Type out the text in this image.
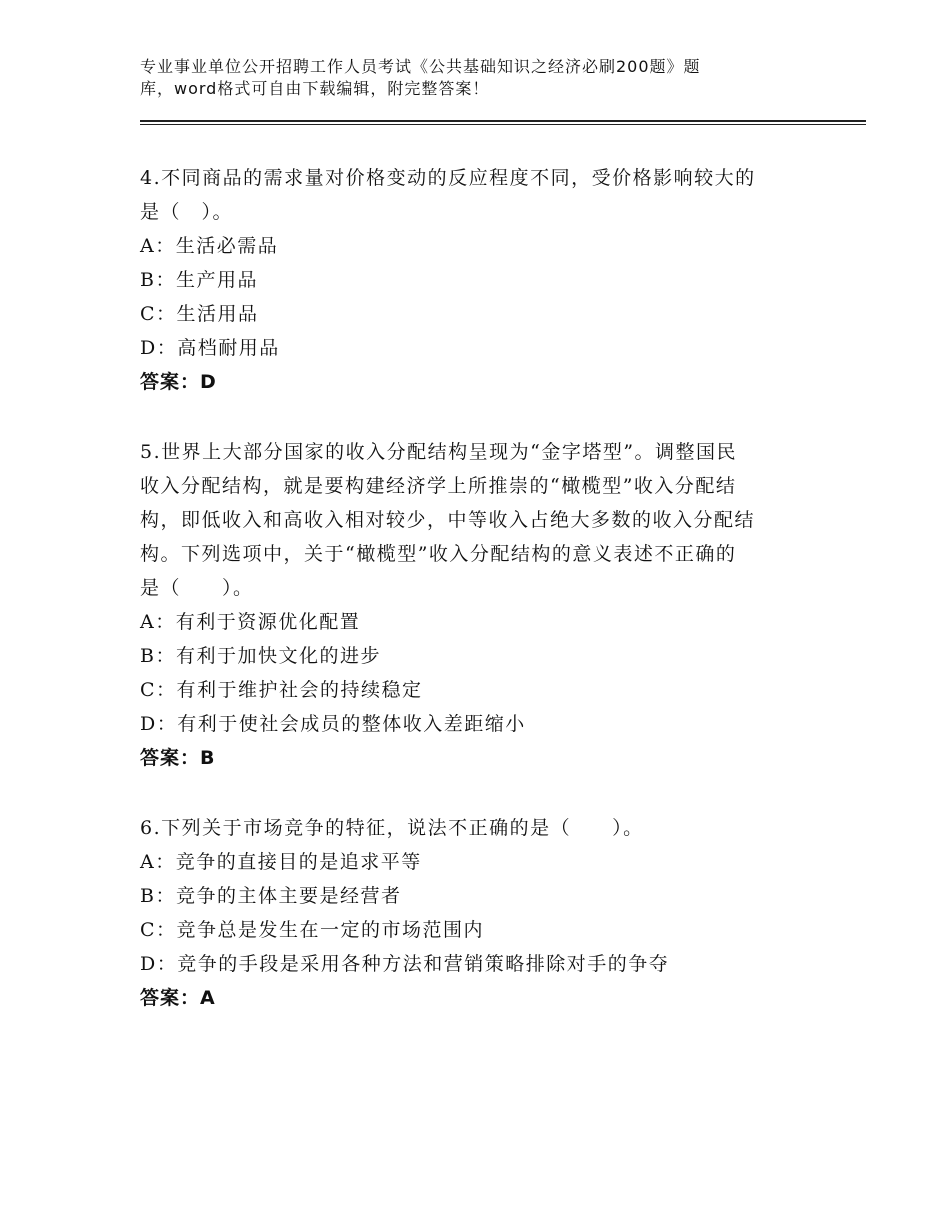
专业事业单位公开招聘工作人员考试《公共基础知识之经济必刷200题》题
库，word格式可自由下载编辑，附完整答案！
4.不同商品的需求量对价格变动的反应程度不同，受价格影响较大的
是（　）。
A：生活必需品
B：生产用品
C：生活用品
D：高档耐用品
答案：D
5.世界上大部分国家的收入分配结构呈现为“金字塔型”。调整国民
收入分配结构，就是要构建经济学上所推崇的“橄榄型”收入分配结
构，即低收入和高收入相对较少，中等收入占绝大多数的收入分配结
构。下列选项中，关于“橄榄型”收入分配结构的意义表述不正确的
是（　　）。
A：有利于资源优化配置
B：有利于加快文化的进步
C：有利于维护社会的持续稳定
D：有利于使社会成员的整体收入差距缩小
答案：B
6.下列关于市场竞争的特征，说法不正确的是（　　）。
A：竞争的直接目的是追求平等
B：竞争的主体主要是经营者
C：竞争总是发生在一定的市场范围内
D：竞争的手段是采用各种方法和营销策略排除对手的争夺
答案：A
